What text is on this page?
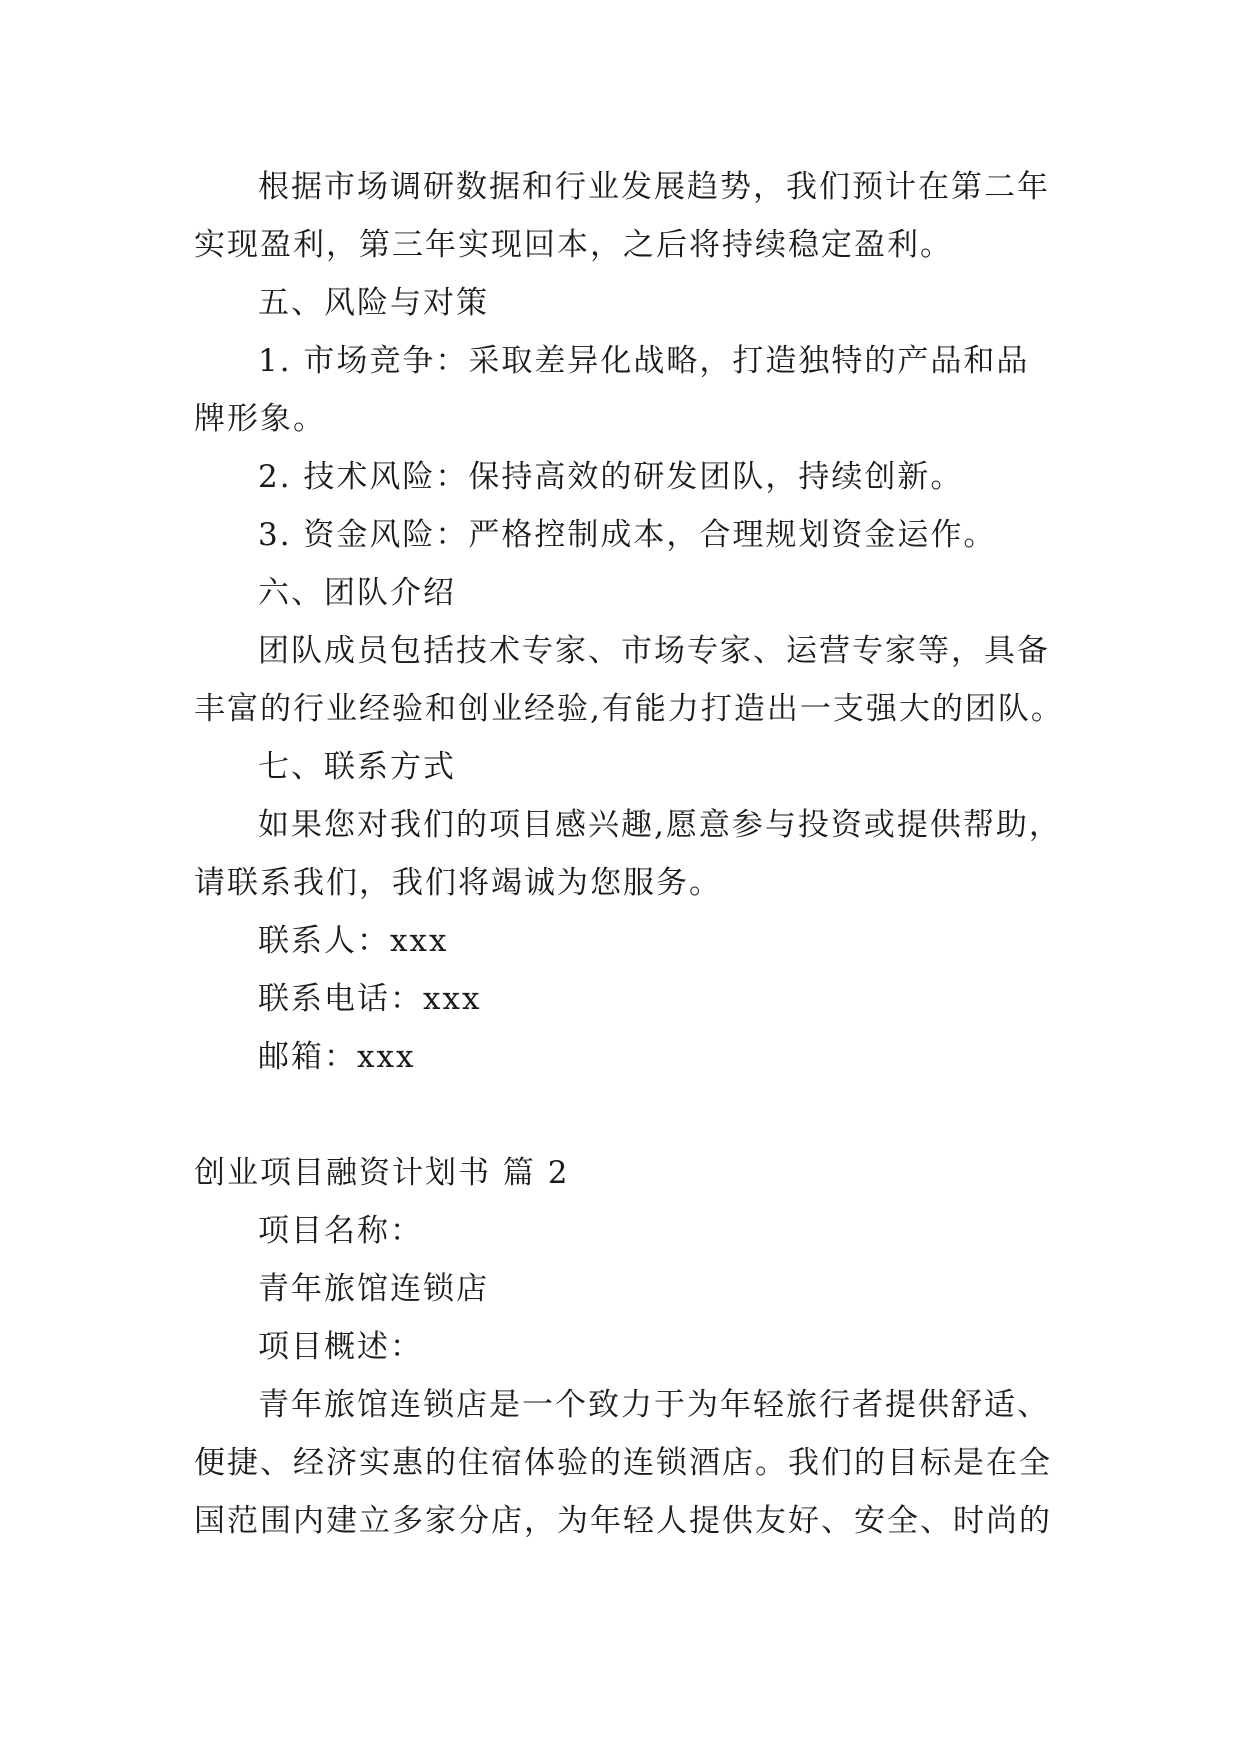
根据市场调研数据和行业发展趋势，我们预计在第二年
实现盈利，第三年实现回本，之后将持续稳定盈利。
五、风险与对策
1. 市场竞争：采取差异化战略，打造独特的产品和品
牌形象。
2. 技术风险：保持高效的研发团队，持续创新。
3. 资金风险：严格控制成本，合理规划资金运作。
六、团队介绍
团队成员包括技术专家、市场专家、运营专家等，具备
丰富的行业经验和创业经验,有能力打造出一支强大的团队。
七、联系方式
如果您对我们的项目感兴趣,愿意参与投资或提供帮助，
请联系我们，我们将竭诚为您服务。
联系人：xxx
联系电话：xxx
邮箱：xxx
创业项目融资计划书 篇 2
项目名称：
青年旅馆连锁店
项目概述：
青年旅馆连锁店是一个致力于为年轻旅行者提供舒适、
便捷、经济实惠的住宿体验的连锁酒店。我们的目标是在全
国范围内建立多家分店，为年轻人提供友好、安全、时尚的
